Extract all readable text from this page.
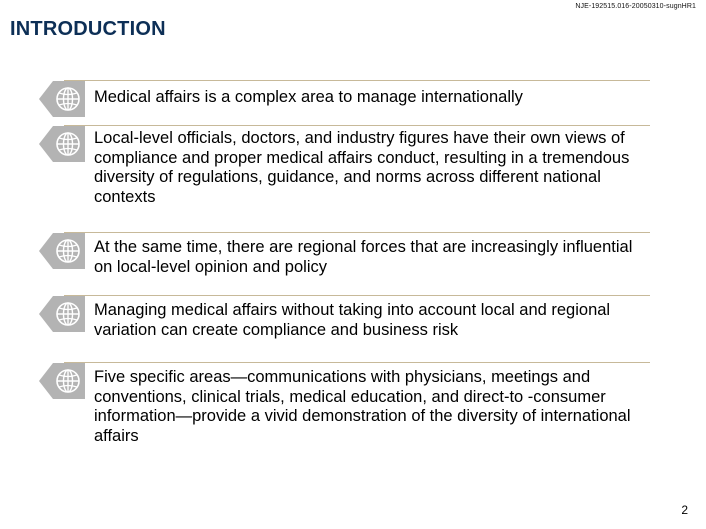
NJE-192515.016-20050310-sugnHR1
INTRODUCTION
Medical affairs is a complex area to manage internationally
Local-level officials, doctors, and industry figures have their own views of compliance and proper medical affairs conduct, resulting in a tremendous diversity of regulations, guidance, and norms across different national contexts
At the same time, there are regional forces that are increasingly influential on local-level opinion and policy
Managing medical affairs without taking into account local and regional variation can create compliance and business risk
Five specific areas—communications with physicians, meetings and conventions, clinical trials, medical education, and direct-to -consumer information—provide a vivid demonstration of the diversity of international affairs
2
